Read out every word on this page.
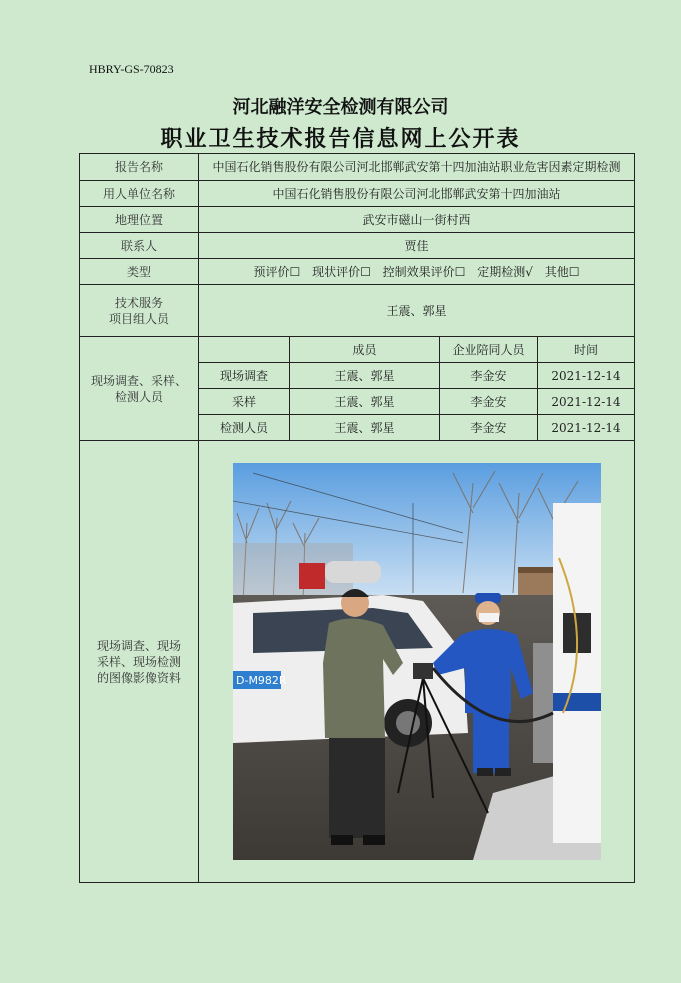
HBRY-GS-70823
河北融洋安全检测有限公司
职业卫生技术报告信息网上公开表
报告名称	中国石化销售股份有限公司河北邯郸武安第十四加油站职业危害因素定期检测			
用人单位名称	中国石化销售股份有限公司河北邯郸武安第十四加油站			
地理位置	武安市磁山一街村西			
联系人	贾佳			
类型	预评价☐ 现状评价☐ 控制效果评价☐ 定期检测√ 其他☐			

技术服务
项目组人员	王震、郭星			

现场调查、采样、
检测人员		成员	企业陪同人员	时间
	现场调查	王震、郭星	李金安	2021-12-14
	采样	王震、郭星	李金安	2021-12-14
	检测人员	王震、郭星	李金安	2021-12-14

现场调查、现场
采样、现场检测
的图像影像资料	D-M982R			
